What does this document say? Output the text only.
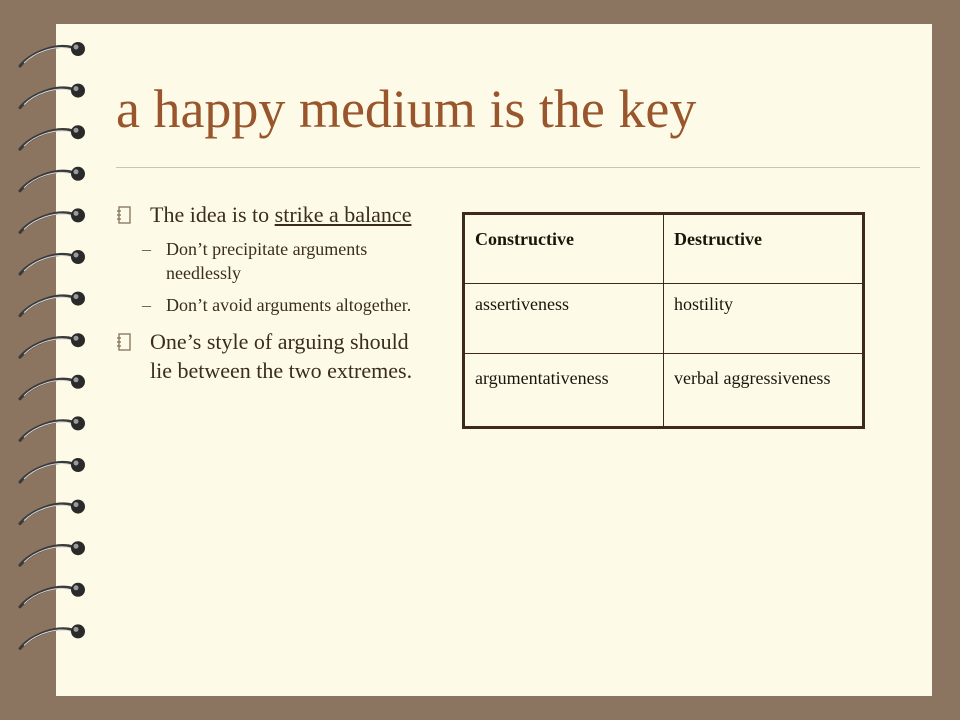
a happy medium is the key
The idea is to strike a balance
– Don’t precipitate arguments needlessly
– Don’t avoid arguments altogether.
One’s style of arguing should lie between the two extremes.
Constructive	Destructive
assertiveness	hostility
argumentativeness	verbal aggressiveness
